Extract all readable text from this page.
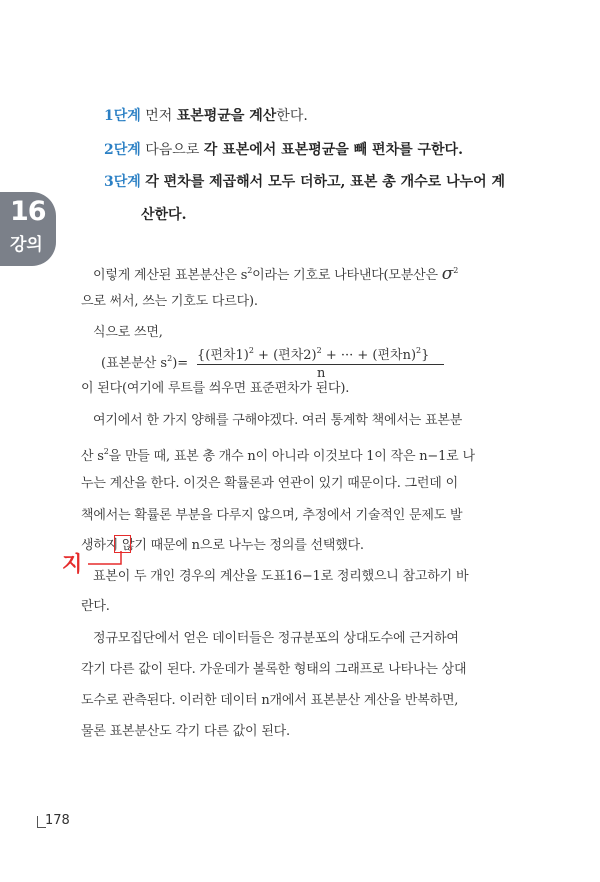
1단계 먼저 표본평균을 계산한다.
2단계 다음으로 각 표본에서 표본평균을 빼 편차를 구한다.
3단계 각 편차를 제곱해서 모두 더하고, 표본 총 개수로 나누어 계
산한다.
16
강의
이렇게 계산된 표본분산은 $s^2$이라는 기호로 나타낸다(모분산은 $\sigma^2$
으로 써서, 쓰는 기호도 다르다).
식으로 쓰면,
(표본분산 $s^2)=$
{(편차1)$^2$ + (편차2)$^2$ + ··· + (편차n)$^2$}
n
이 된다(여기에 루트를 씌우면 표준편차가 된다).
여기에서 한 가지 양해를 구해야겠다. 여러 통계학 책에서는 표본분
산 $s^2$을 만들 때, 표본 총 개수 n이 아니라 이것보다 1이 작은 n−1로 나
누는 계산을 한다. 이것은 확률론과 연관이 있기 때문이다. 그런데 이
책에서는 확률론 부분을 다루지 않으며, 추정에서 기술적인 문제도 발
생하지 않기 때문에 n으로 나누는 정의를 선택했다.
지
표본이 두 개인 경우의 계산을 도표16−1로 정리했으니 참고하기 바
란다.
정규모집단에서 얻은 데이터들은 정규분포의 상대도수에 근거하여
각기 다른 값이 된다. 가운데가 볼록한 형태의 그래프로 나타나는 상대
도수로 관측된다. 이러한 데이터 n개에서 표본분산 계산을 반복하면,
물론 표본분산도 각기 다른 값이 된다.
178
